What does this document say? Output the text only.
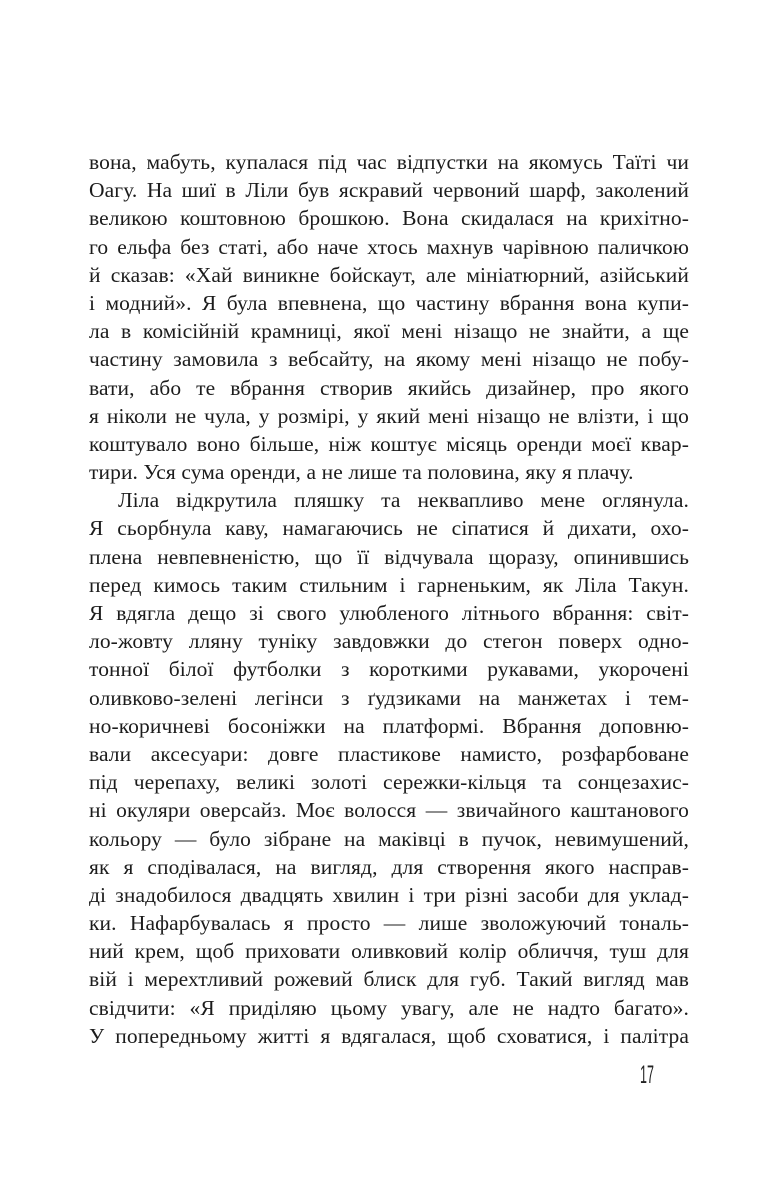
вона, мабуть, купалася під час відпустки на якомусь Таїті чи
Оагу. На шиї в Ліли був яскравий червоний шарф, заколений
великою коштовною брошкою. Вона скидалася на крихітно-
го ельфа без статі, або наче хтось махнув чарівною паличкою
й сказав: «Хай виникне бойскаут, але мініатюрний, азійський
і модний». Я була впевнена, що частину вбрання вона купи-
ла в комісійній крамниці, якої мені нізащо не знайти, а ще
частину замовила з вебсайту, на якому мені нізащо не побу-
вати, або те вбрання створив якийсь дизайнер, про якого
я ніколи не чула, у розмірі, у який мені нізащо не влізти, і що
коштувало воно більше, ніж коштує місяць оренди моєї квар-
тири. Уся сума оренди, а не лише та половина, яку я плачу.
Ліла відкрутила пляшку та неквапливо мене оглянула.
Я сьорбнула каву, намагаючись не сіпатися й дихати, охо-
плена невпевненістю, що її відчувала щоразу, опинившись
перед кимось таким стильним і гарненьким, як Ліла Такун.
Я вдягла дещо зі свого улюбленого літнього вбрання: світ-
ло-жовту лляну туніку завдовжки до стегон поверх одно-
тонної білої футболки з короткими рукавами, укорочені
оливково-зелені легінси з ґудзиками на манжетах і тем-
но-коричневі босоніжки на платформі. Вбрання доповню-
вали аксесуари: довге пластикове намисто, розфарбоване
під черепаху, великі золоті сережки-кільця та сонцезахис-
ні окуляри оверсайз. Моє волосся — звичайного каштанового
кольору — було зібране на маківці в пучок, невимушений,
як я сподівалася, на вигляд, для створення якого насправ-
ді знадобилося двадцять хвилин і три різні засоби для уклад-
ки. Нафарбувалась я просто — лише зволожуючий тональ-
ний крем, щоб приховати оливковий колір обличчя, туш для
вій і мерехтливий рожевий блиск для губ. Такий вигляд мав
свідчити: «Я приділяю цьому увагу, але не надто багато».
У попередньому житті я вдягалася, щоб сховатися, і палітра
17
